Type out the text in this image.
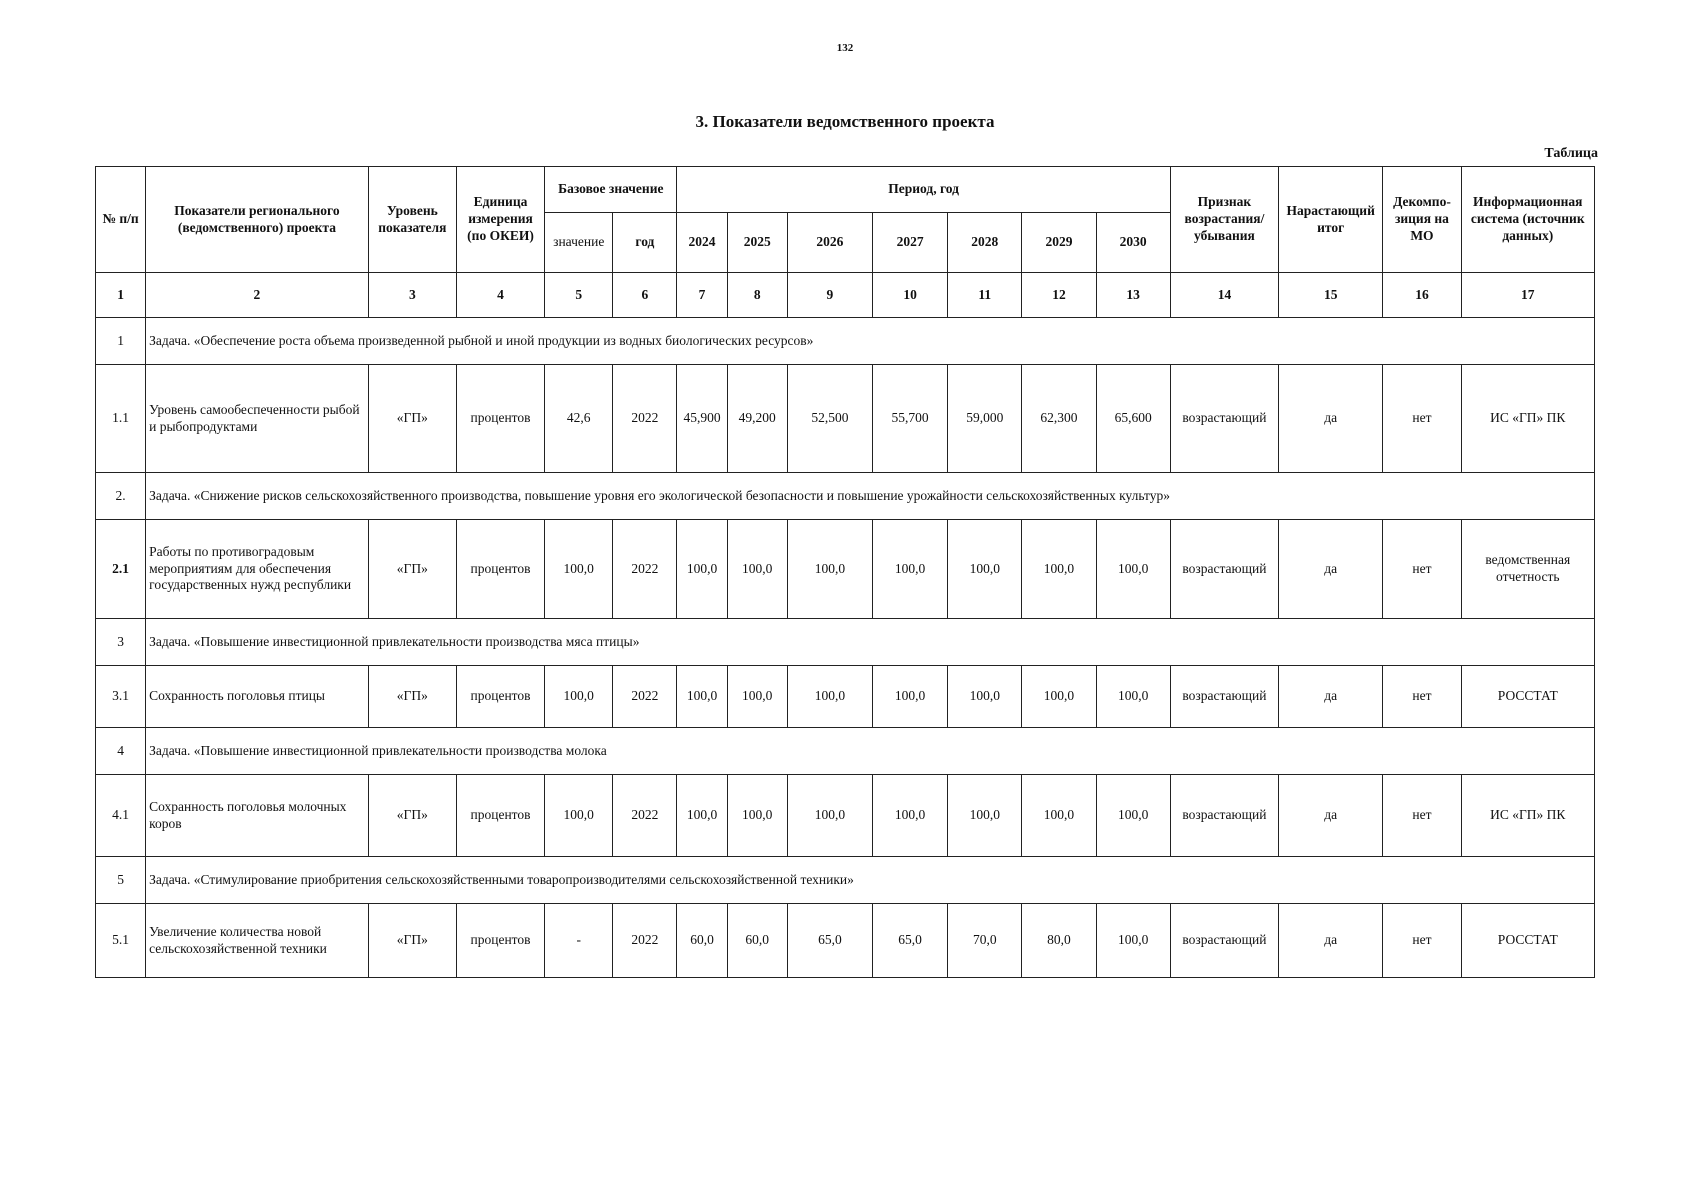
132
3. Показатели ведомственного проекта
Таблица
№ п/п	Показатели регионального (ведомственного) проекта	Уровень показателя	Единица измерения (по ОКЕИ)	Базовое значение		Период, год							Признак возрастания/ убывания	Нарастающий итог	Декомпо- зиция на МО	Информационная система (источник данных)
				значение	год	2024	2025	2026	2027	2028	2029	2030				
1	2	3	4	5	6	7	8	9	10	11	12	13	14	15	16	17
1	Задача. «Обеспечение роста объема произведенной рыбной и иной продукции из водных биологических ресурсов»															
1.1	Уровень самообеспеченности рыбой и рыбопродуктами	«ГП»	процентов	42,6	2022	45,900	49,200	52,500	55,700	59,000	62,300	65,600	возрастающий	да	нет	ИС «ГП» ПК
2.	Задача. «Снижение рисков сельскохозяйственного производства, повышение уровня его экологической безопасности и повышение урожайности сельскохозяйственных культур»															
2.1	Работы по противоградовым мероприятиям для обеспечения государственных нужд республики	«ГП»	процентов	100,0	2022	100,0	100,0	100,0	100,0	100,0	100,0	100,0	возрастающий	да	нет	ведомственная отчетность
3	Задача. «Повышение инвестиционной привлекательности производства мяса птицы»															
3.1	Сохранность поголовья птицы	«ГП»	процентов	100,0	2022	100,0	100,0	100,0	100,0	100,0	100,0	100,0	возрастающий	да	нет	РОССТАТ
4	Задача. «Повышение инвестиционной привлекательности производства молока															
4.1	Сохранность поголовья молочных коров	«ГП»	процентов	100,0	2022	100,0	100,0	100,0	100,0	100,0	100,0	100,0	возрастающий	да	нет	ИС «ГП» ПК
5	Задача. «Стимулирование приобритения сельскохозяйственными товаропроизводителями сельскохозяйственной техники»															
5.1	Увеличение количества новой сельскохозяйственной техники	«ГП»	процентов	-	2022	60,0	60,0	65,0	65,0	70,0	80,0	100,0	возрастающий	да	нет	РОССТАТ
